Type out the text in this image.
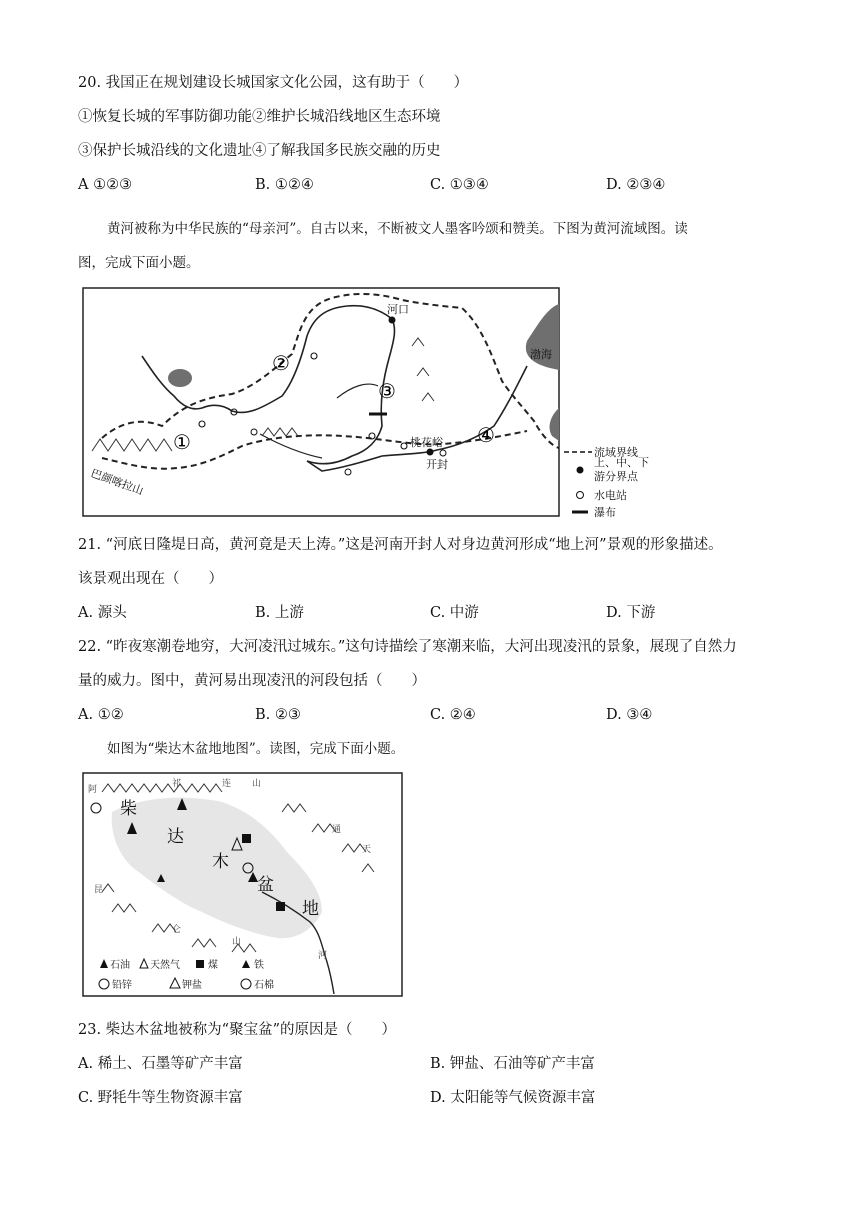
20. 我国正在规划建设长城国家文化公园，这有助于（　　）
①恢复长城的军事防御功能②维护长城沿线地区生态环境
③保护长城沿线的文化遗址④了解我国多民族交融的历史
A ①②③	B. ①②④	C. ①③④	D. ②③④
黄河被称为中华民族的“母亲河”。自古以来，不断被文人墨客吟颂和赞美。下图为黄河流域图。读
图，完成下面小题。
①
②
③
④
河口
渤海
桃花峪
开封
巴颜喀拉山
流域界线
上、中、下
游分界点
水电站
瀑布
21. “河底日隆堤日高，黄河竟是天上涛。”这是河南开封人对身边黄河形成“地上河”景观的形象描述。
该景观出现在（　　）
A. 源头	B. 上游	C. 中游	D. 下游
22. “昨夜寒潮卷地穷，大河凌汛过城东。”这句诗描绘了寒潮来临，大河出现凌汛的景象，展现了自然力
量的威力。图中，黄河易出现凌汛的河段包括（　　）
A. ①②	B. ②③	C. ②④	D. ③④
如图为“柴达木盆地地图”。读图，完成下面小题。
柴
达
木
盆
地
阿
祁	连 山
昆
仑
山
通
天
河
石油 天然气	煤	铁
铅锌	钾盐	石棉
23. 柴达木盆地被称为“聚宝盆”的原因是（　　）
A. 稀土、石墨等矿产丰富	B. 钾盐、石油等矿产丰富
C. 野牦牛等生物资源丰富	D. 太阳能等气候资源丰富
